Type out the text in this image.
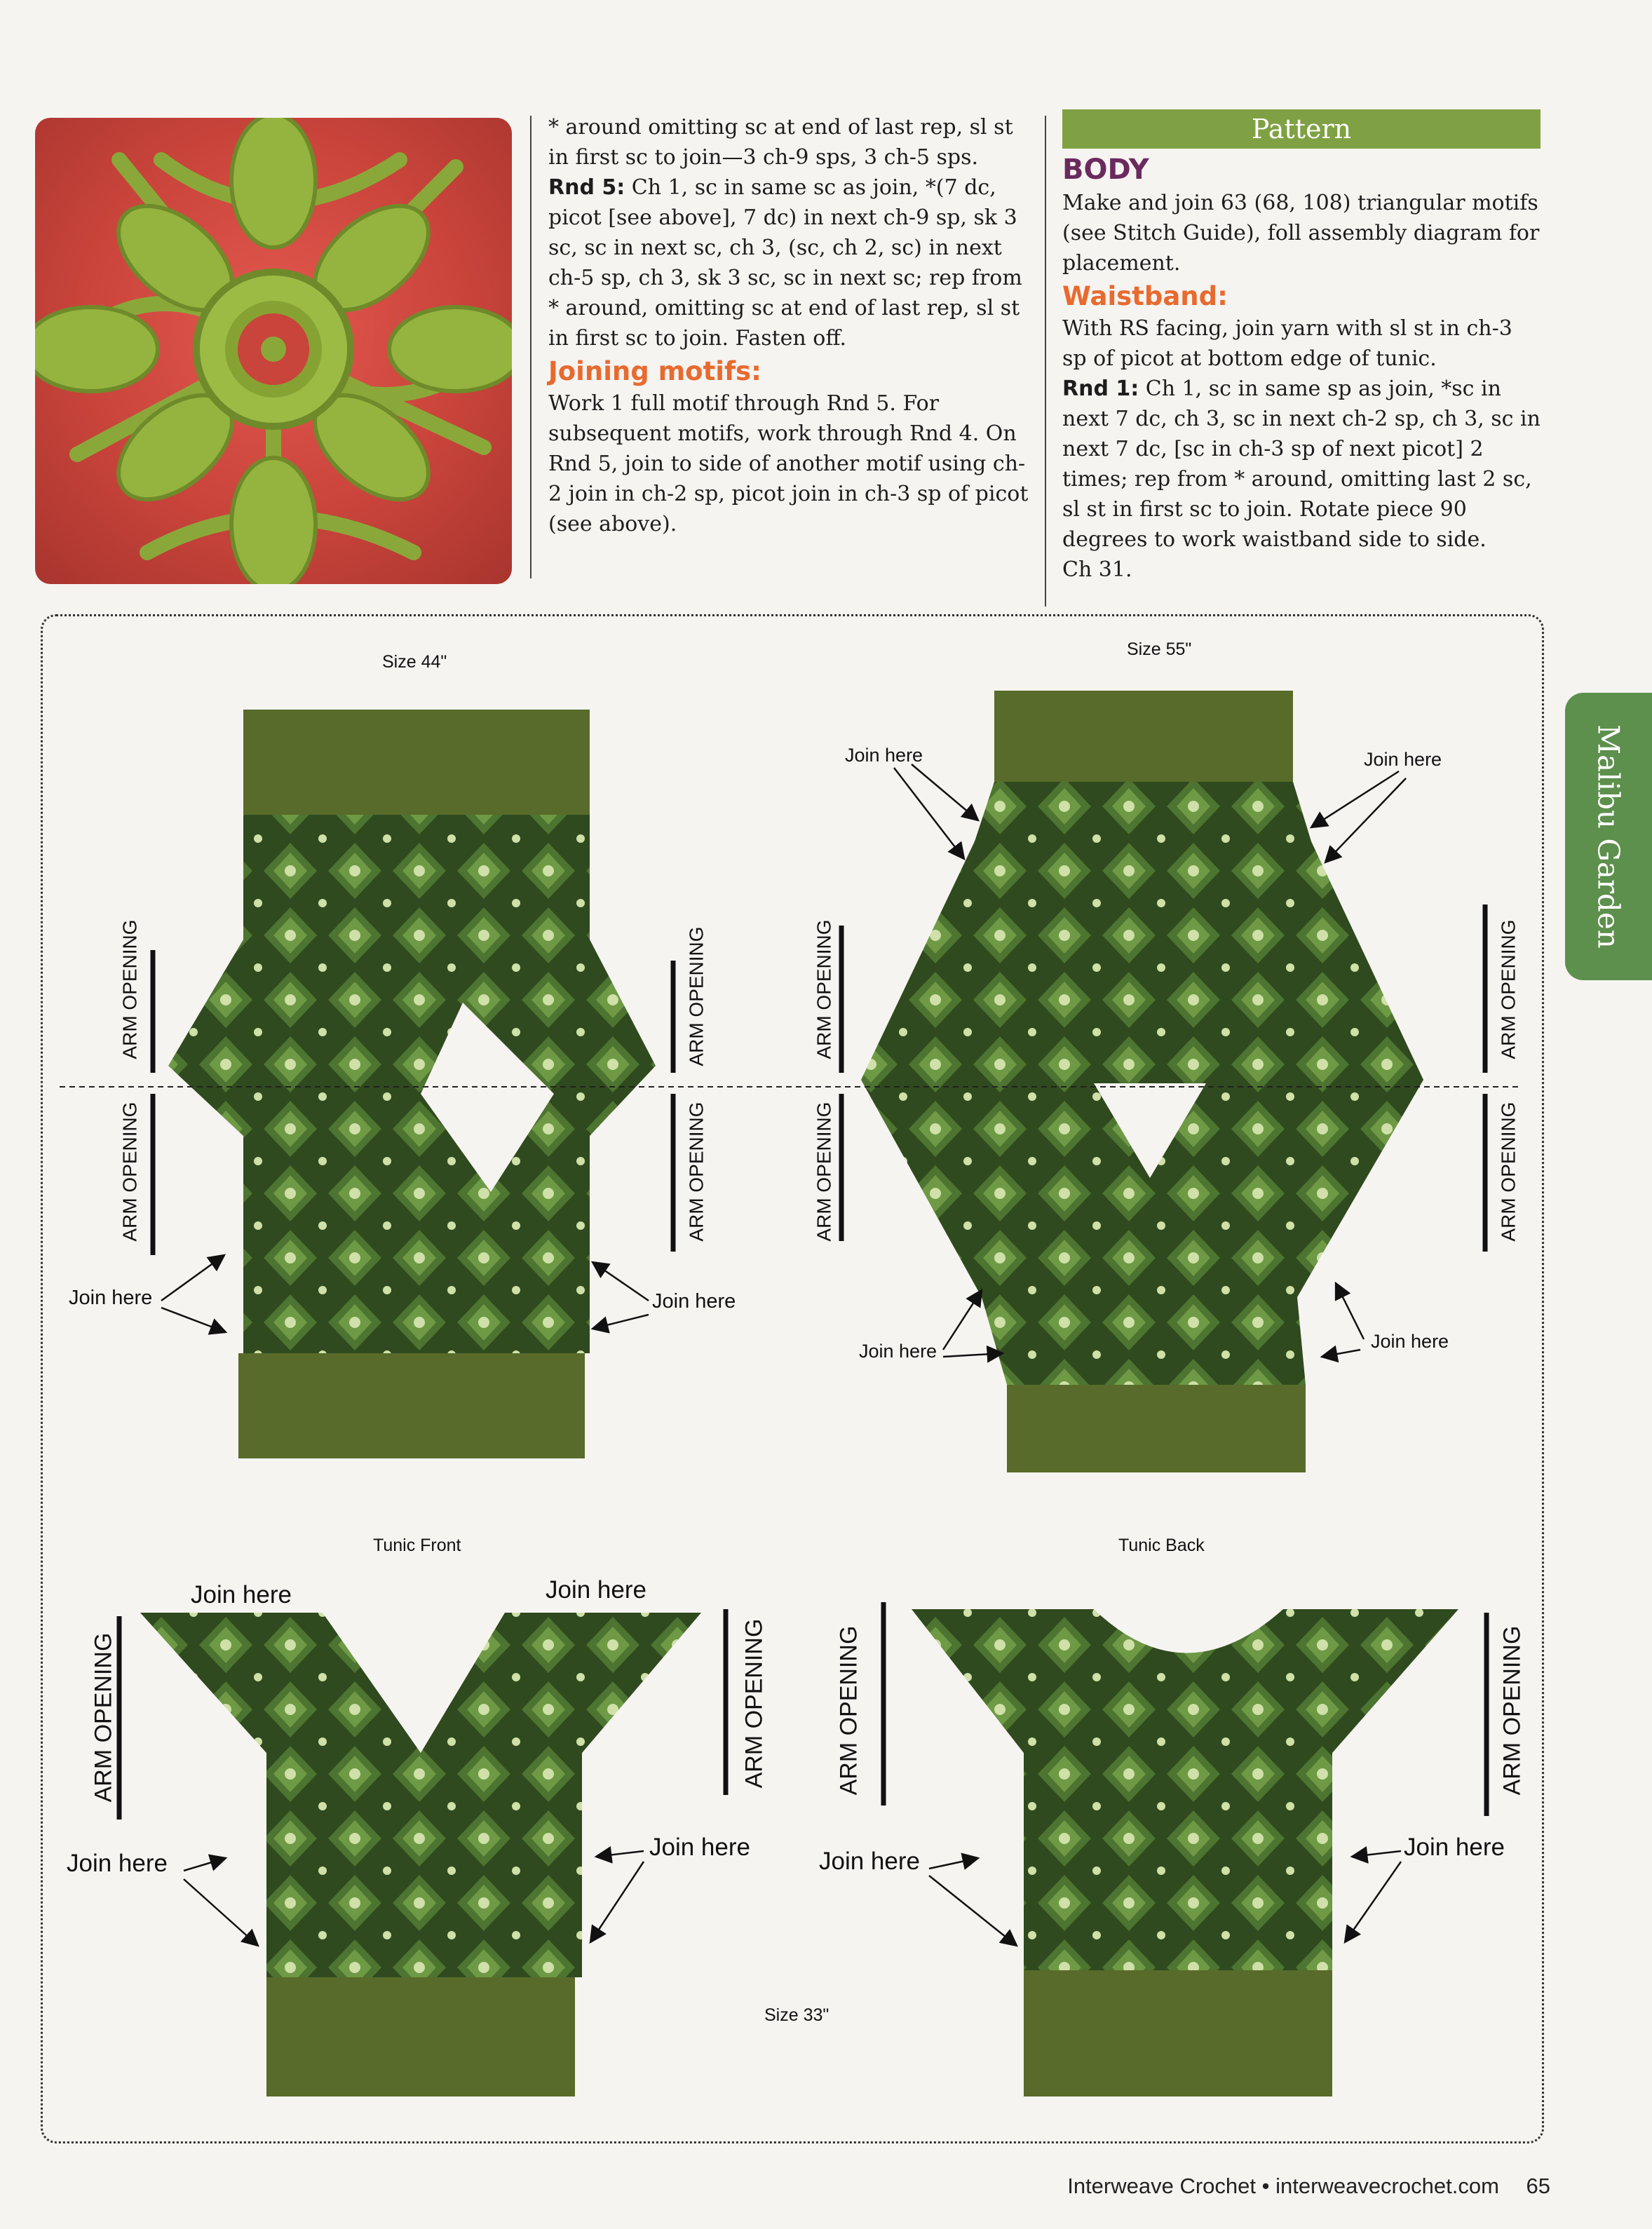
* around omitting sc at end of last rep, sl st in first sc to join—3 ch-9 sps, 3 ch-5 sps.

Rnd 5: Ch 1, sc in same sc as join, *(7 dc, picot [see above], 7 dc) in next ch-9 sp, sk 3 sc, sc in next sc, ch 3, (sc, ch 2, sc) in next ch-5 sp, ch 3, sk 3 sc, sc in next sc; rep from * around, omitting sc at end of last rep, sl st in first sc to join. Fasten off.

Joining motifs:

Work 1 full motif through Rnd 5. For subsequent motifs, work through Rnd 4. On Rnd 5, join to side of another motif using ch-2 join in ch-2 sp, picot join in ch-3 sp of picot (see above).

Pattern
BODY

Make and join 63 (68, 108) triangular motifs (see Stitch Guide), foll assembly diagram for placement.

Waistband:

With RS facing, join yarn with sl st in ch-3 sp of picot at bottom edge of tunic.

Rnd 1: Ch 1, sc in same sp as join, *sc in next 7 dc, ch 3, sc in next ch-2 sp, ch 3, sc in next 7 dc, [sc in ch-3 sp of next picot] 2 times; rep from * around, omitting last 2 sc, sl st in first sc to join. Rotate piece 90 degrees to work waistband side to side.

Ch 31.

Malibu Garden
Size 44"
Size 55"
Tunic Front	Tunic Back
Size 33"
Join here	Join here
Join here	Join here
Join here	Join here
Join here	Join here
Join here
Join here
Join here
Join here
ARM OPENING
ARM OPENING
ARM OPENING
ARM OPENING
ARM OPENING
ARM OPENING
ARM OPENING
ARM OPENING
ARM OPENING	ARM OPENING	ARM OPENING	ARM OPENING
Interweave Crochet • interweavecrochet.com 65
